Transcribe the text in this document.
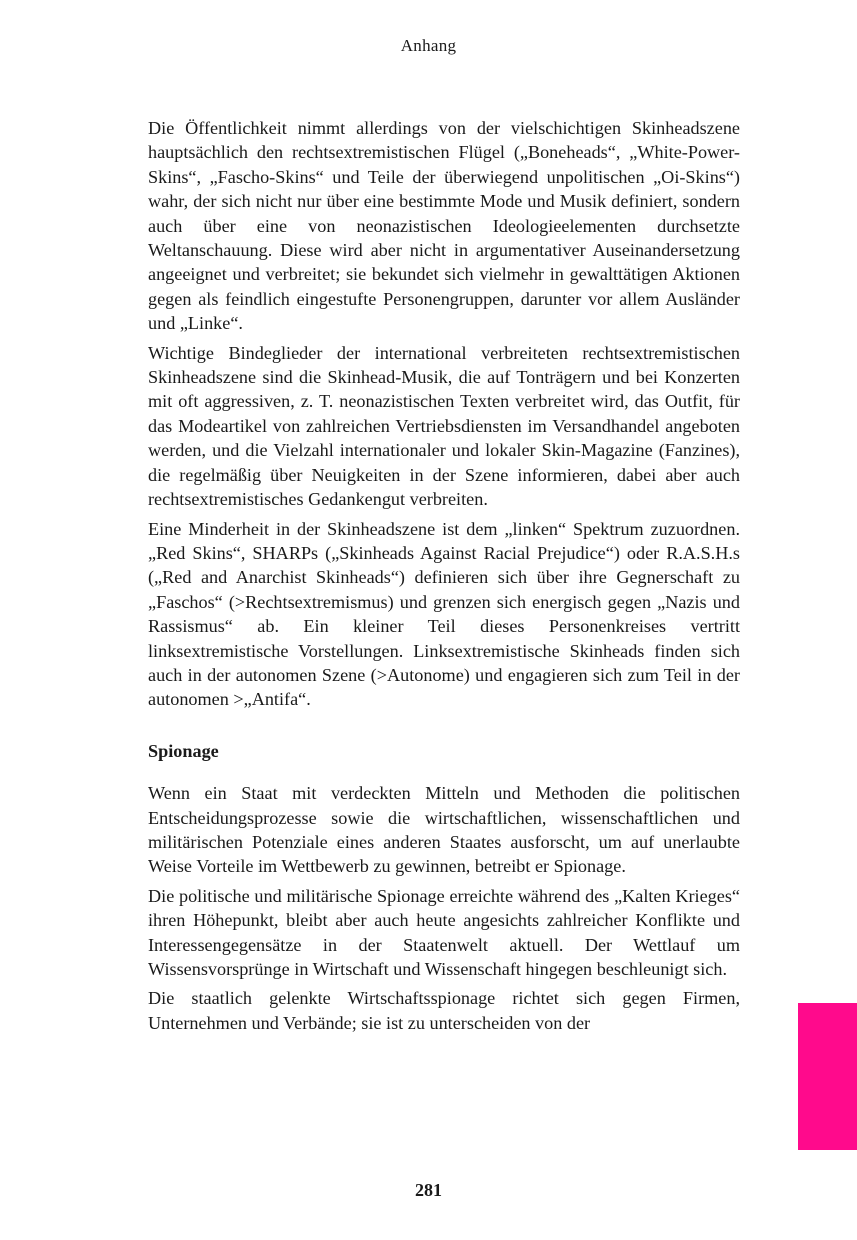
Anhang

Die Öffentlichkeit nimmt allerdings von der vielschichtigen Skinheadszene hauptsächlich den rechtsextremistischen Flügel („Boneheads“, „White-Power-Skins“, „Fascho-Skins“ und Teile der überwiegend unpolitischen „Oi-Skins“) wahr, der sich nicht nur über eine bestimmte Mode und Musik definiert, sondern auch über eine von neonazistischen Ideologieelementen durchsetzte Weltanschauung. Diese wird aber nicht in argumentativer Auseinandersetzung angeeignet und verbreitet; sie bekundet sich vielmehr in gewalttätigen Aktionen gegen als feindlich eingestufte Personengruppen, darunter vor allem Ausländer und „Linke“.

Wichtige Bindeglieder der international verbreiteten rechtsextremistischen Skinheadszene sind die Skinhead-Musik, die auf Tonträgern und bei Konzerten mit oft aggressiven, z. T. neonazistischen Texten verbreitet wird, das Outfit, für das Modeartikel von zahlreichen Vertriebsdiensten im Versandhandel angeboten werden, und die Vielzahl internationaler und lokaler Skin-Magazine (Fanzines), die regelmäßig über Neuigkeiten in der Szene informieren, dabei aber auch rechtsextremistisches Gedankengut verbreiten.

Eine Minderheit in der Skinheadszene ist dem „linken“ Spektrum zuzuordnen. „Red Skins“, SHARPs („Skinheads Against Racial Prejudice“) oder R.A.S.H.s („Red and Anarchist Skinheads“) definieren sich über ihre Gegnerschaft zu „Faschos“ (>Rechtsextremismus) und grenzen sich energisch gegen „Nazis und Rassismus“ ab. Ein kleiner Teil dieses Personenkreises vertritt linksextremistische Vorstellungen. Linksextremistische Skinheads finden sich auch in der autonomen Szene (>Autonome) und engagieren sich zum Teil in der autonomen >„Antifa“.

Spionage

Wenn ein Staat mit verdeckten Mitteln und Methoden die politischen Entscheidungsprozesse sowie die wirtschaftlichen, wissenschaftlichen und militärischen Potenziale eines anderen Staates ausforscht, um auf unerlaubte Weise Vorteile im Wettbewerb zu gewinnen, betreibt er Spionage.

Die politische und militärische Spionage erreichte während des „Kalten Krieges“ ihren Höhepunkt, bleibt aber auch heute angesichts zahlreicher Konflikte und Interessengegensätze in der Staatenwelt aktuell. Der Wettlauf um Wissensvorsprünge in Wirtschaft und Wissenschaft hingegen beschleunigt sich.

Die staatlich gelenkte Wirtschaftsspionage richtet sich gegen Firmen, Unternehmen und Verbände; sie ist zu unterscheiden von der

281
